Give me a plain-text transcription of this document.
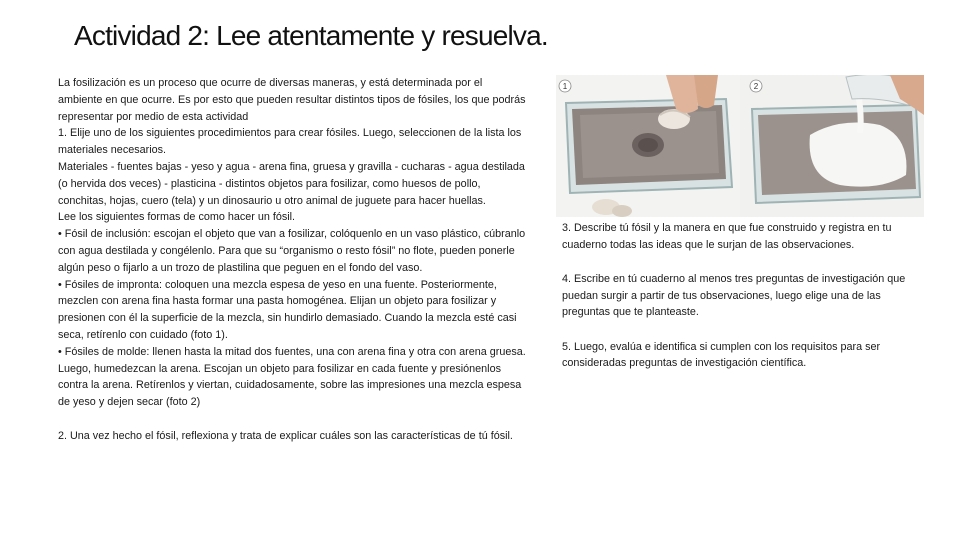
Actividad 2: Lee atentamente y resuelva.

La fosilización es un proceso que ocurre de diversas maneras, y está determinada por el ambiente en que ocurre. Es por esto que pueden resultar distintos tipos de fósiles, los que podrás representar por medio de esta actividad

1. Elije uno de los siguientes procedimientos para crear fósiles. Luego, seleccionen de la lista los materiales necesarios.

Materiales - fuentes bajas - yeso y agua - arena fina, gruesa y gravilla - cucharas - agua destilada (o hervida dos veces) - plasticina - distintos objetos para fosilizar, como huesos de pollo, conchitas, hojas, cuero (tela) y un dinosaurio u otro animal de juguete para hacer huellas.

Lee los siguientes formas de como hacer un fósil.

• Fósil de inclusión: escojan el objeto que van a fosilizar, colóquenlo en un vaso plástico, cúbranlo con agua destilada y congélenlo. Para que su “organismo o resto fósil” no flote, pueden ponerle algún peso o fijarlo a un trozo de plastilina que peguen en el fondo del vaso.

• Fósiles de impronta: coloquen una mezcla espesa de yeso en una fuente. Posteriormente, mezclen con arena fina hasta formar una pasta homogénea. Elijan un objeto para fosilizar y presionen con él la superficie de la mezcla, sin hundirlo demasiado. Cuando la mezcla esté casi seca, retírenlo con cuidado (foto 1).

• Fósiles de molde: llenen hasta la mitad dos fuentes, una con arena fina y otra con arena gruesa. Luego, humedezcan la arena. Escojan un objeto para fosilizar en cada fuente y presiónenlos contra la arena. Retírenlos y viertan, cuidadosamente, sobre las impresiones una mezcla espesa de yeso y dejen secar (foto 2)

2. Una vez hecho el fósil, reflexiona y trata de explicar cuáles son las características de tú fósil.

1	2

3. Describe tú fósil y la manera en que fue construido y registra en tu cuaderno todas las ideas que le surjan de las observaciones.

4. Escribe en tú cuaderno al menos tres preguntas de investigación que puedan surgir a partir de tus observaciones, luego elige una de las preguntas que te planteaste.

5. Luego, evalúa e identifica si cumplen con los requisitos para ser consideradas preguntas de investigación científica.
